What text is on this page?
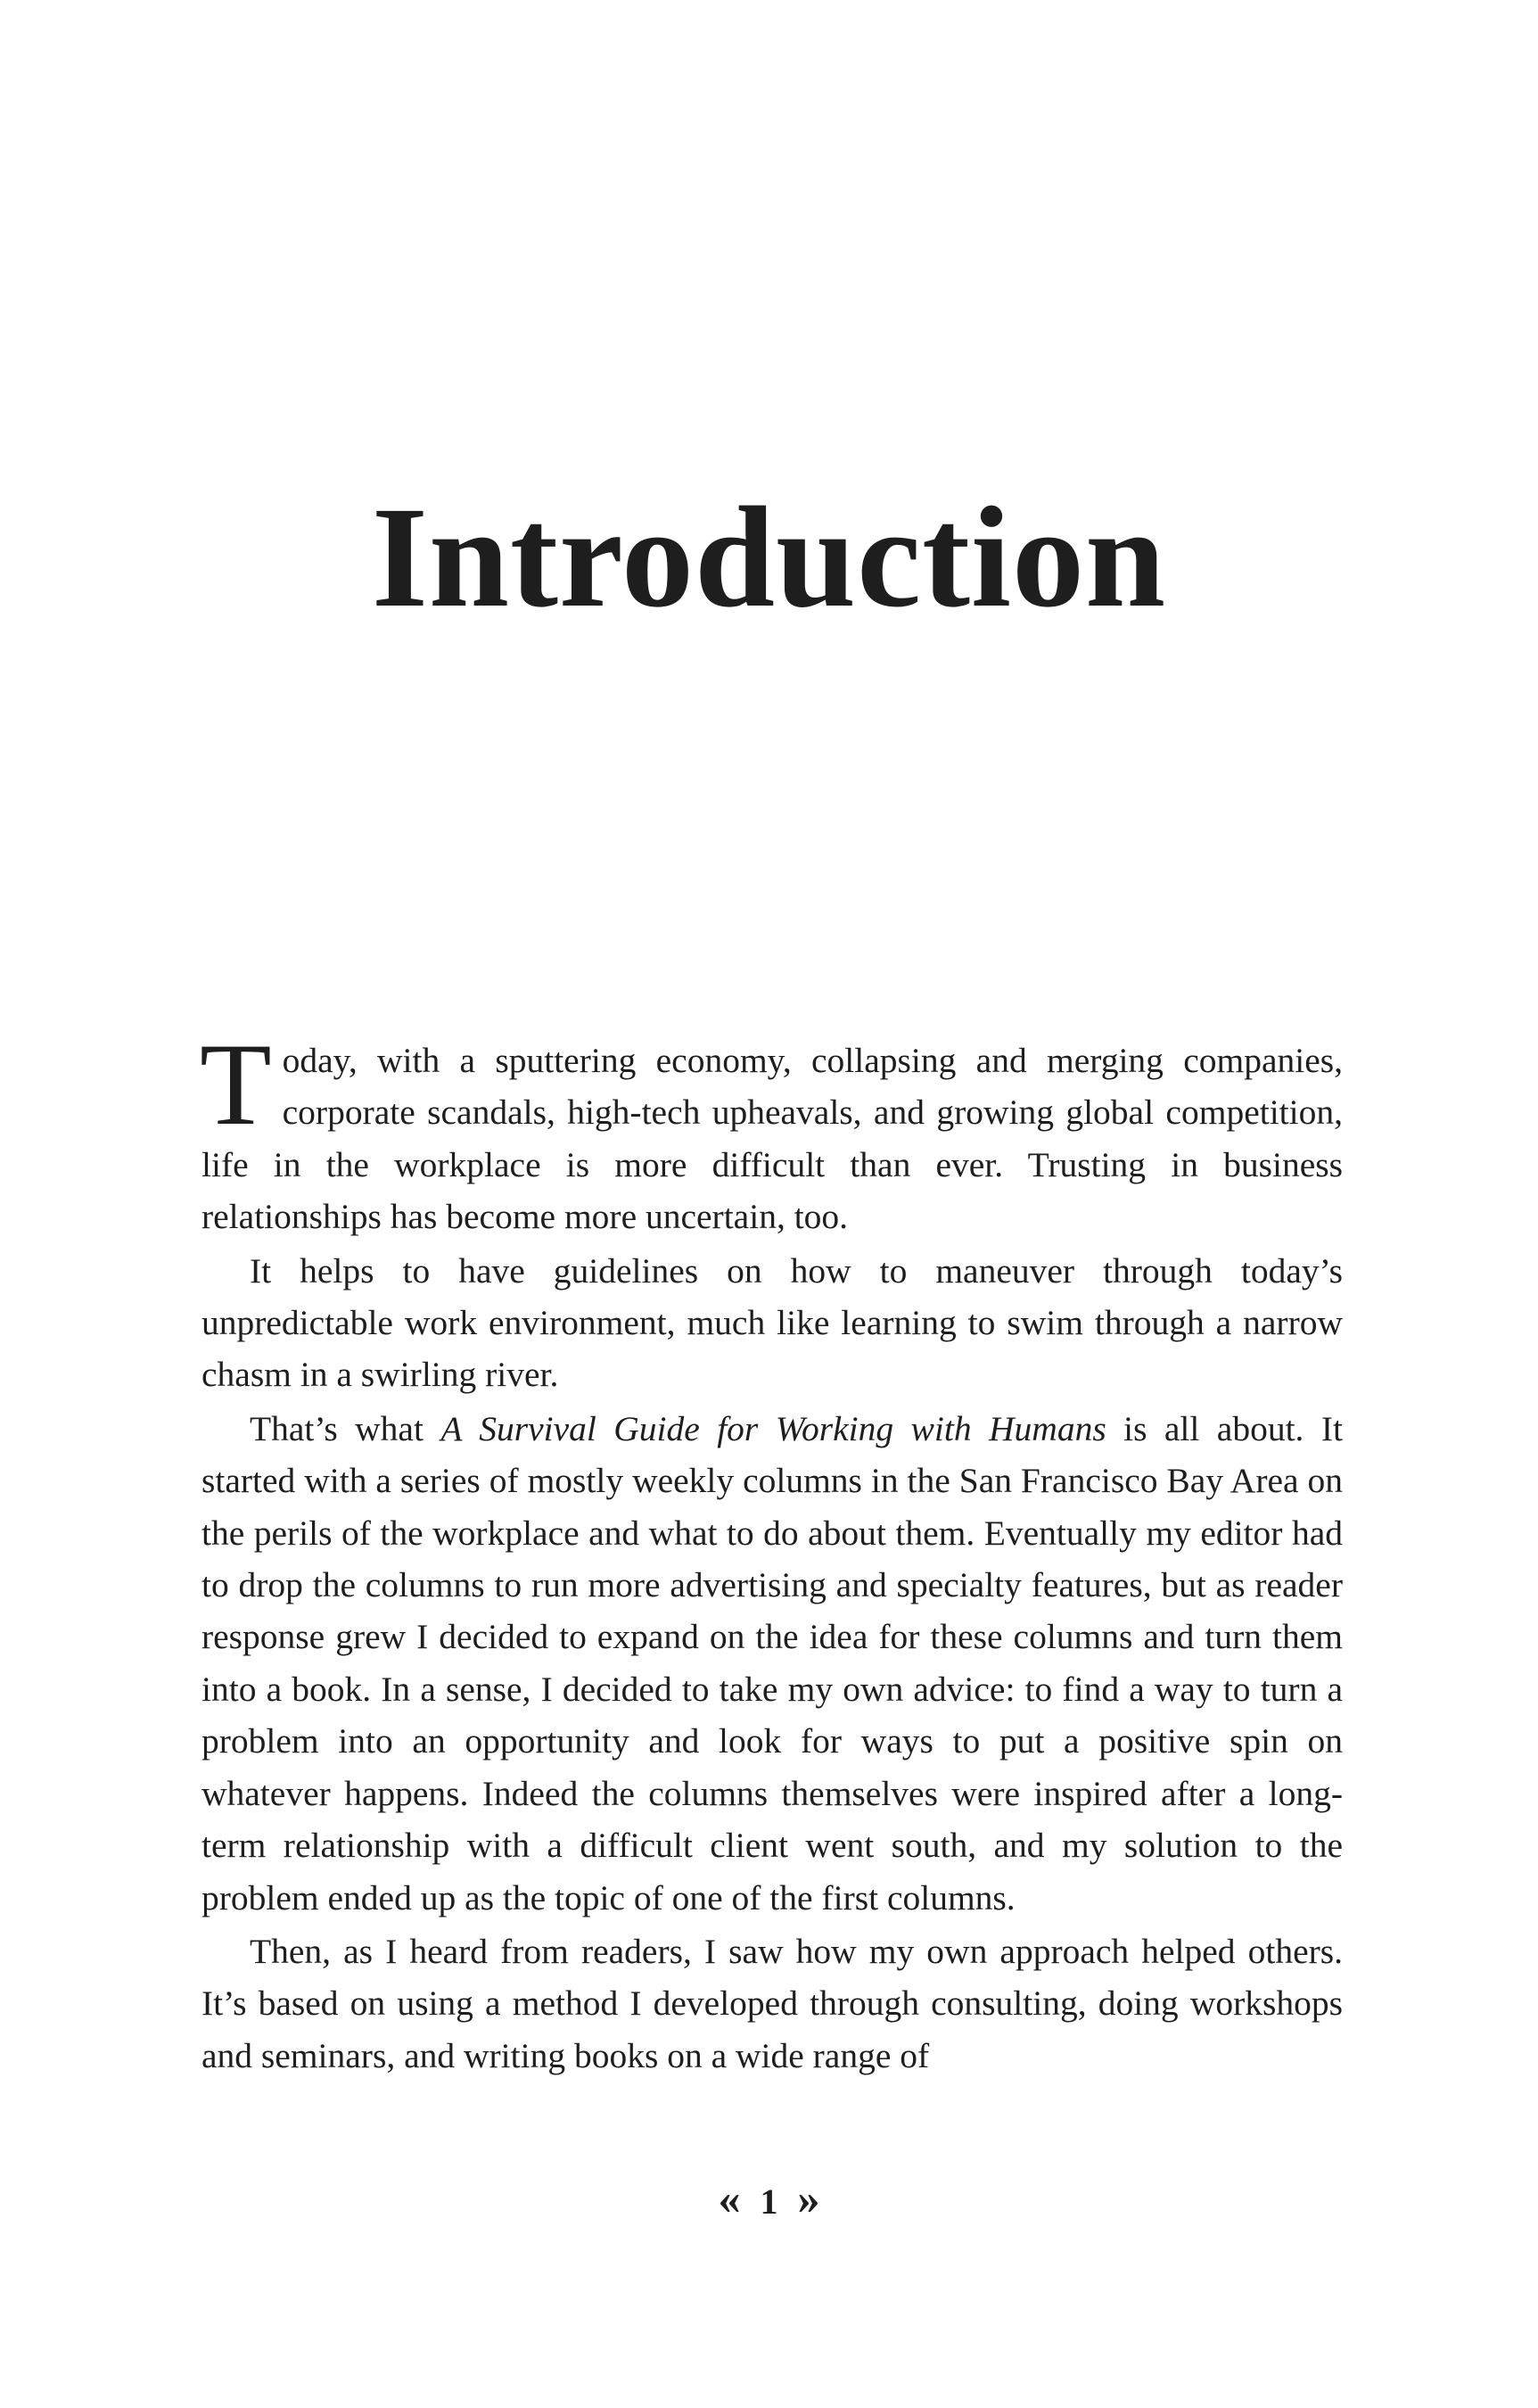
Introduction

Today, with a sputtering economy, collapsing and merging companies, corporate scandals, high-tech upheavals, and growing global competition, life in the workplace is more difficult than ever. Trusting in business relationships has become more uncertain, too.

It helps to have guidelines on how to maneuver through today’s unpredictable work environment, much like learning to swim through a narrow chasm in a swirling river.

That’s what A Survival Guide for Working with Humans is all about. It started with a series of mostly weekly columns in the San Francisco Bay Area on the perils of the workplace and what to do about them. Eventually my editor had to drop the columns to run more advertising and specialty features, but as reader response grew I decided to expand on the idea for these columns and turn them into a book. In a sense, I decided to take my own advice: to find a way to turn a problem into an opportunity and look for ways to put a positive spin on whatever happens. Indeed the columns themselves were inspired after a long-term relationship with a difficult client went south, and my solution to the problem ended up as the topic of one of the first columns.

Then, as I heard from readers, I saw how my own approach helped others. It’s based on using a method I developed through consulting, doing workshops and seminars, and writing books on a wide range of

« 1 »
